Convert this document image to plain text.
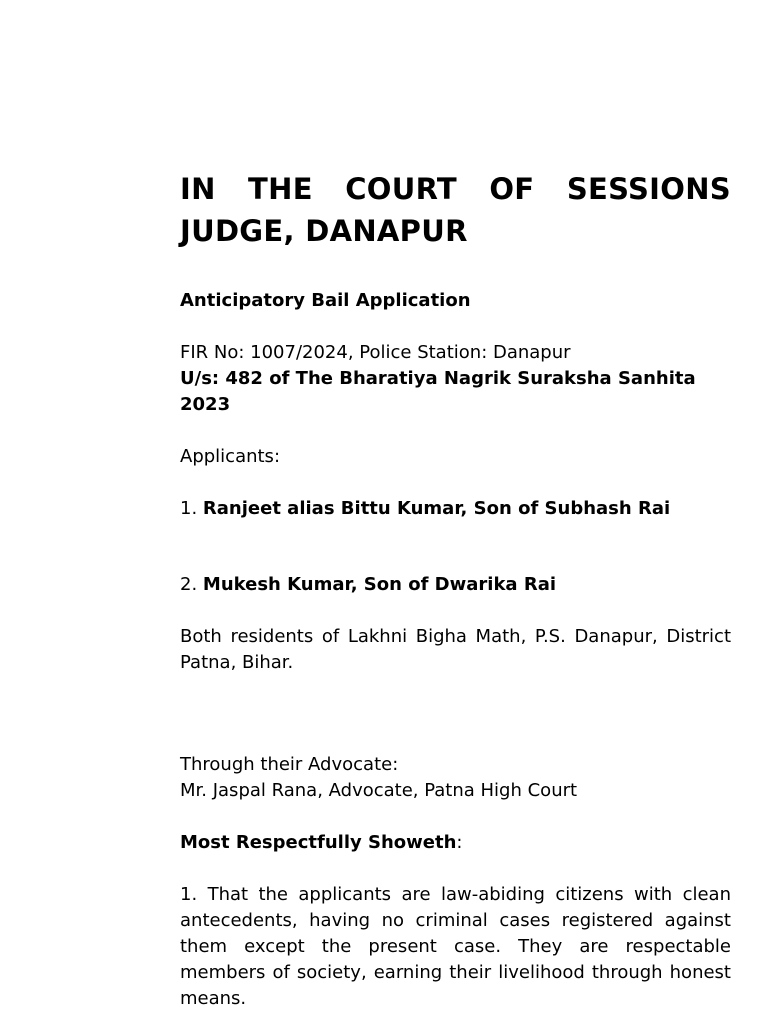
IN THE COURT OF SESSIONS
JUDGE, DANAPUR

Anticipatory Bail Application

FIR No: 1007/2024, Police Station: Danapur

U/s: 482 of The Bharatiya Nagrik Suraksha Sanhita 2023

Applicants:

1. Ranjeet alias Bittu Kumar, Son of Subhash Rai

2. Mukesh Kumar, Son of Dwarika Rai

Both residents of Lakhni Bigha Math, P.S. Danapur, District Patna, Bihar.

Through their Advocate:

Mr. Jaspal Rana, Advocate, Patna High Court

Most Respectfully Showeth:

1. That the applicants are law-abiding citizens with clean antecedents, having no criminal cases registered against them except the present case. They are respectable members of society, earning their livelihood through honest means.
